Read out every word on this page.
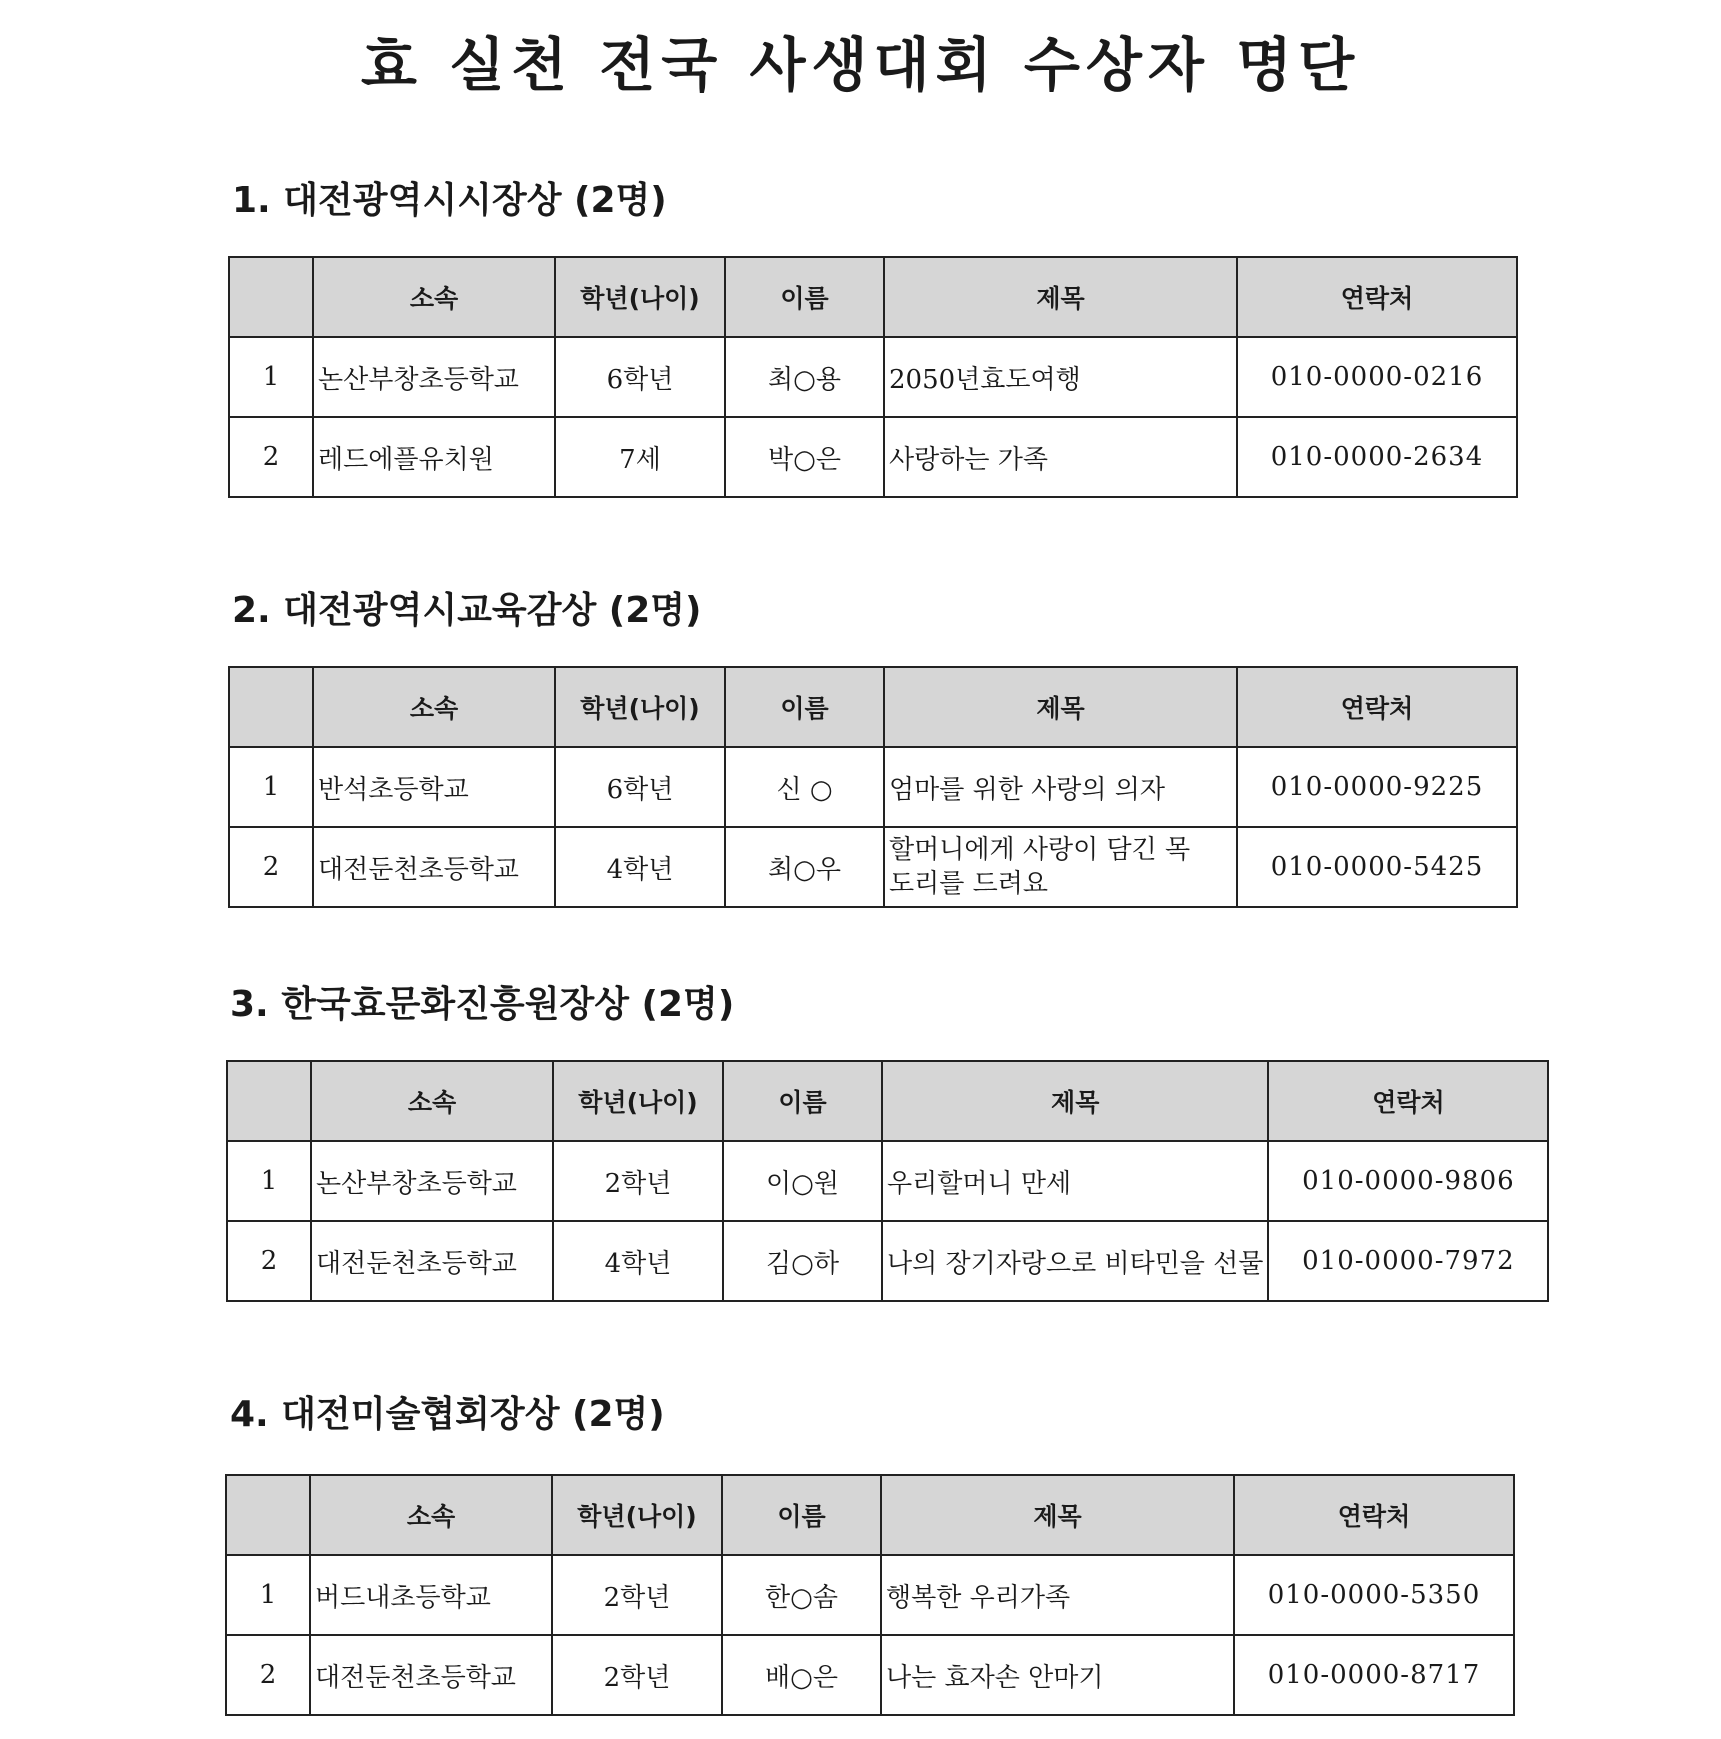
효 실천 전국 사생대회 수상자 명단
1. 대전광역시시장상 (2명)
	소속	학년(나이)	이름	제목	연락처
1	논산부창초등학교	6학년	최○용	2050년효도여행	010-0000-0216
2	레드에플유치원	7세	박○은	사랑하는 가족	010-0000-2634
2. 대전광역시교육감상 (2명)
	소속	학년(나이)	이름	제목	연락처
1	반석초등학교	6학년	신 ○	엄마를 위한 사랑의 의자	010-0000-9225
2	대전둔천초등학교	4학년	최○우	할머니에게 사랑이 담긴 목
도리를 드려요	010-0000-5425
3. 한국효문화진흥원장상 (2명)
	소속	학년(나이)	이름	제목	연락처
1	논산부창초등학교	2학년	이○원	우리할머니 만세	010-0000-9806
2	대전둔천초등학교	4학년	김○하	나의 장기자랑으로 비타민을 선물	010-0000-7972
4. 대전미술협회장상 (2명)
	소속	학년(나이)	이름	제목	연락처
1	버드내초등학교	2학년	한○솜	행복한 우리가족	010-0000-5350
2	대전둔천초등학교	2학년	배○은	나는 효자손 안마기	010-0000-8717
